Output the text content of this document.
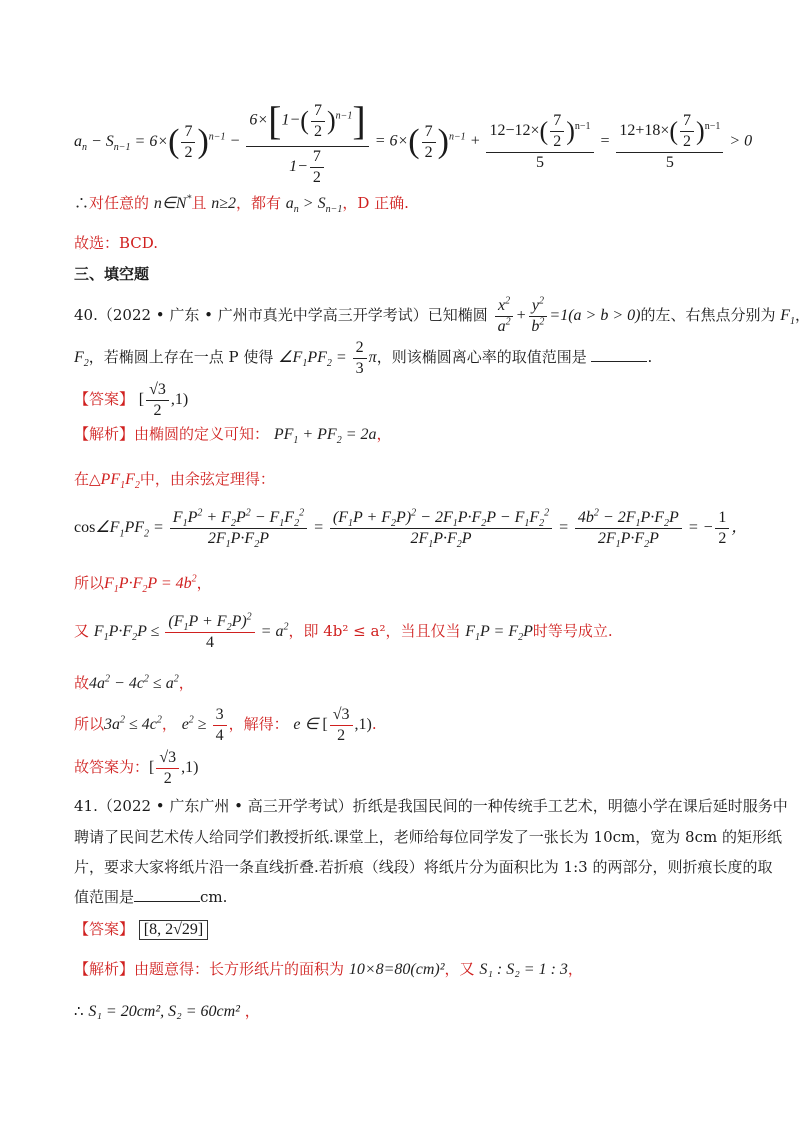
$a_n - S_{n-1} = 6\times( \frac{7}{2} )^{n-1} - \frac{6\times[1-( \frac{7}{2} )^{n-1}]}{1- \frac{7}{2}} = 6\times( \frac{7}{2} )^{n-1} + \frac{12-12\times( \frac{7}{2} )^{n-1}}{5} = \frac{12+18\times( \frac{7}{2} )^{n-1}}{5} > 0$
∴对任意的 n∈N*且 n≥2，都有 $a_n > S_{n-1}$，D 正确.
故选：BCD.
三、填空题
40.（2022 • 广东 • 广州市真光中学高三开学考试）已知椭圆 $\frac{x^2}{a^2} + \frac{y^2}{b^2} =1(a > b > 0)$的左、右焦点分别为 $F_1$，
$F_2$，若椭圆上存在一点 P 使得 $\angle F_1PF_2 = \frac{2}{3}$ π，则该椭圆离心率的取值范围是	.
【答案】 [ $\frac{√3}{2} ,1$)
【解析】由椭圆的定义可知： $PF_1 + PF_2 = 2a$，
在$\triangle PF_1F_2$中，由余弦定理得：
$\cos\angle F_1PF_2 = \frac{F_1P^2 + F_2P^2 - F_1F_2^2}{2F_1P\cdot F_2P} = \frac{(F_1P + F_2P)^2 - 2F_1P\cdot F_2P - F_1F_2^2}{2F_1P\cdot F_2P} = \frac{4b^2 - 2F_1P\cdot F_2P}{2F_1P\cdot F_2P}$ = − $\frac{1}{2}$ ，
所以$F_1P\cdot F_2P = 4b^2$，
又 $F_1P\cdot F_2P \le \frac{(F_1P + F_2P)^2}{4} = a^2$，即 4b² ≤ a²，当且仅当 $F_1P = F_2P$时等号成立.
故$4a^2 - 4c^2 \le a^2$，
所以$3a^2 \le 4c^2$， $e^2 \ge \frac{3}{4}$ ，解得： e ∈ [ $\frac{√3}{2} ,1$).
故答案为：[ $\frac{√3}{2} ,1$)
41.（2022 • 广东广州 • 高三开学考试）折纸是我国民间的一种传统手工艺术，明德小学在课后延时服务中
聘请了民间艺术传人给同学们教授折纸.课堂上，老师给每位同学发了一张长为 10cm，宽为 8cm 的矩形纸
片，要求大家将纸片沿一条直线折叠.若折痕（线段）将纸片分为面积比为 1:3 的两部分，则折痕长度的取
值范围是	cm.
【答案】 [8, 2√29]
【解析】由题意得：长方形纸片的面积为 10×8=80(cm)²，又 S₁ : S₂ = 1 : 3，
∴ S₁ = 20cm², S₂ = 60cm² ，
